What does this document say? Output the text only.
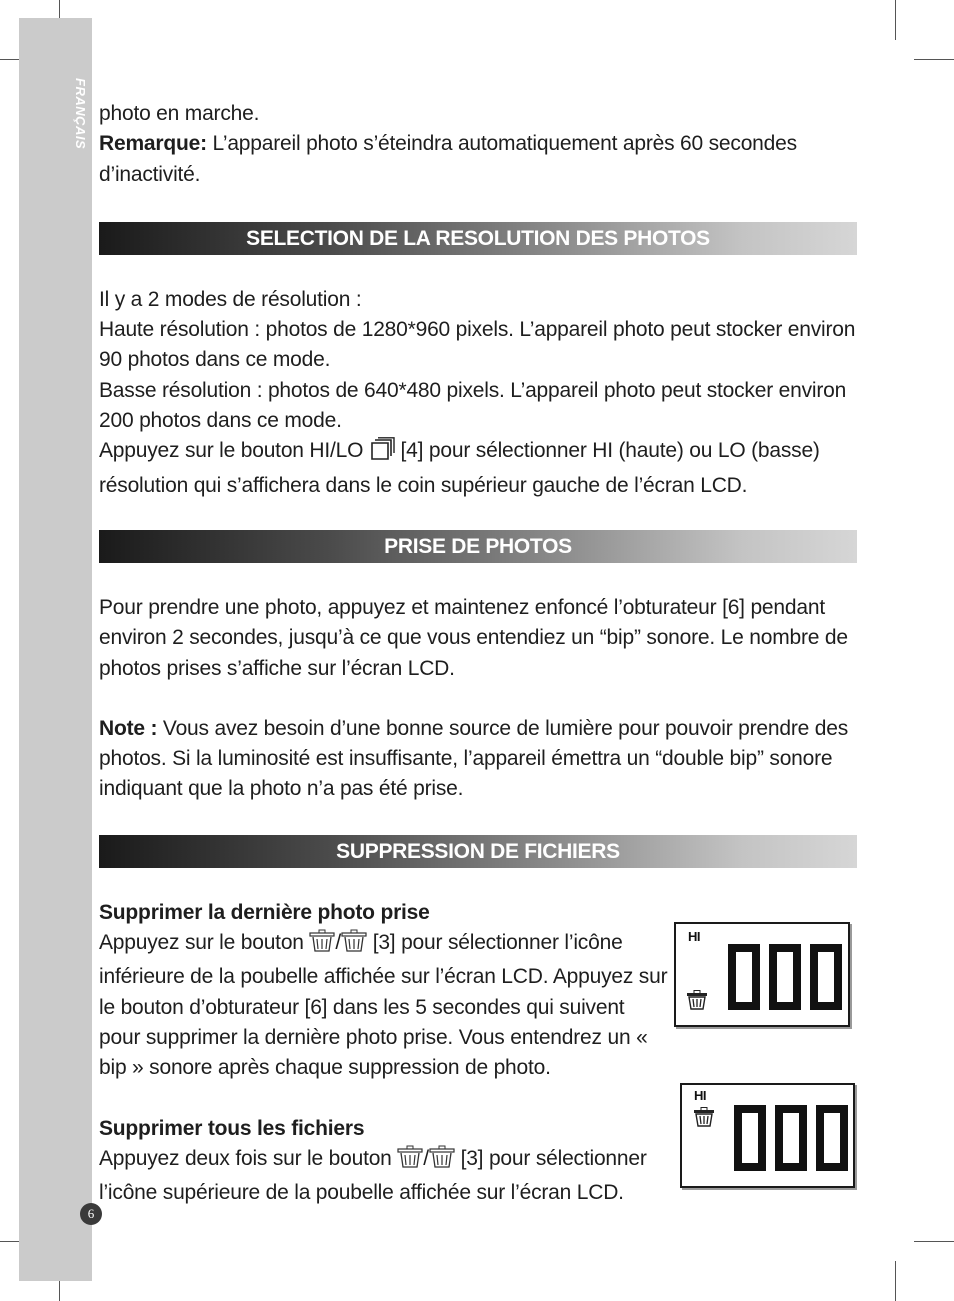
FRANÇAIS
6

photo en marche.

Remarque: L’appareil photo s’éteindra automatiquement après 60 secondes d’inactivité.

SELECTION DE LA RESOLUTION DES PHOTOS

Il y a 2 modes de résolution :

Haute résolution : photos de 1280*960 pixels. L’appareil photo peut stocker environ 90 photos dans ce mode.

Basse résolution : photos de 640*480 pixels. L’appareil photo peut stocker environ 200 photos dans ce mode.

Appuyez sur le bouton HI/LO  [4] pour sélectionner HI (haute) ou LO (basse) résolution qui s’affichera dans le coin supérieur gauche de l’écran LCD.

PRISE DE PHOTOS

Pour prendre une photo, appuyez et maintenez enfoncé l’obturateur [6] pendant environ 2 secondes, jusqu’à ce que vous entendiez un “bip” sonore. Le nombre de photos prises s’affiche sur l’écran LCD.

Note : Vous avez besoin d’une bonne source de lumière pour pouvoir prendre des photos. Si la luminosité est insuffisante, l’appareil émettra un “double bip” sonore indiquant que la photo n’a pas été prise.

SUPPRESSION DE FICHIERS

Supprimer la dernière photo prise

Appuyez sur le bouton / [3] pour sélectionner l’icône inférieure de la poubelle affichée sur l’écran LCD. Appuyez sur le bouton d’obturateur [6] dans les 5 secondes qui suivent pour supprimer la dernière photo prise. Vous entendrez un « bip » sonore après chaque suppression de photo.

Supprimer tous les fichiers

Appuyez deux fois sur le bouton / [3] pour sélectionner l’icône supérieure de la poubelle affichée sur l’écran LCD.

HI
HI
